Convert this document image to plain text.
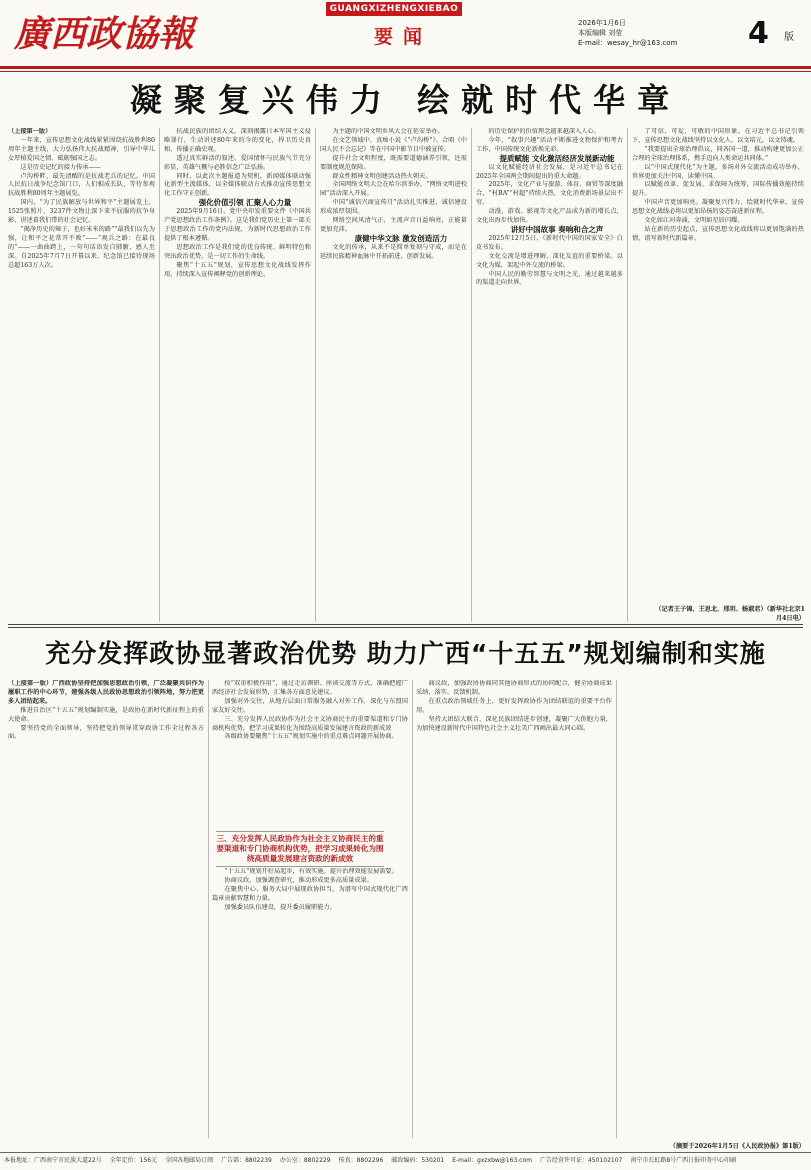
廣西政協報
GUANGXIZHENGXIEBAO
要闻
2026年1月6日
本版编辑 刘莹
E-mail：wesay_hr@163.com 4 版
凝聚复兴伟力 绘就时代华章

（上接第一版）

一年来，宣传思想文化战线紧紧围绕抗战胜利80周年主题主线，大力弘扬伟大抗战精神，引导中华儿女厚植爱国之情、砥砺强国之志。

这是历史记忆的接力传承——

卢沟桥畔，最先清醒的是抗战老兵的记忆。中国人民抗日战争纪念馆门口，人们相成长队，等待参观抗战胜利80周年主题展览。

国内，“为了民族解放与世界和平”主题展览上，1525张照片、3237件文物让深下来不屈服的抗争身影，讲述着我们带的社会记忆。

“揭净历史的辣子，也好米米的路”“最我们以先为强，让和平之花常开不败”——“观兵之路：在最良的”——一曲曲跨上，一句句话语发自肺腑，感人至深。自2025年7月7日开幕以来，纪念馆已接待现场总超163万人次。

抗战民族的团结大义，深刻揭露日本军国主义侵略罪行，生动讲述80年来的今的变化，捍卫历史真相，传播正确史观。

透过真实鲜活的叙述，爱国情怀与民族气节充分彰显，英雄气概与必胜信念广泛弘扬。

同时，以此次主题报道为契机，新闻媒体联动强化新型主流媒体，以全媒体联动方式推动宣传思想文化工作守正创新。

强化价值引领 汇聚人心力量

2025年9月16日，党中央印发重要文件《中国共产党思想政治工作条例》。这是我们党历史上第一部关于思想政治工作的党内法规，为新时代思想政治工作提供了根本遵循。

思想政治工作是我们党的优良传统、鲜明特色和突出政治优势，是一切工作的生命线。

聚焦“十五五”规划，宣传思想文化战线发挥作用，持续深入宣传阐释党的创新理论。

为主题的中国文明乡风大会在延安举办。

在文艺领域中，真痴小说《“卢沟桥”》、合唱《中国人民不会忘记》等在中国中影节目中被宣传。

提升社会文明程度，既需要道德涵养引领，还需要制度规范保障。

群众性精神文明创建活动热火朝天。

全国网络文明大会在哈尔滨举办，“网络文明进校园”活动深入开展。

中国“诚信兴商宣传月”活动扎实推进，诚信建设形成浓厚氛围。

网络空间风清气正，主流声音日益响亮，正能量更加充沛。

康健中华文脉 激发创造活力

文化的传承，从来不是简单复刻与守成，而是在延续民族精神血脉中开拓前进、创新发展。

的历史保护的价值理念越来越深入人心。

今年，“叙事兴趣”活动不断推进文物保护和考古工作，中国传统文化新焕光彩。

提质赋能 文化激活经济发展新动能

以文化赋能经济社会发展，是习近平总书记在2025年全国两会期间提出的重大命题。

2025年，文化产业与旅游、体育、商贸等深度融合，“村BA”“村超”持续火热，文化消费新场景层出不穷。

动漫、游戏、影视等文化产品成为新的增长点，文化出海步伐加快。

讲好中国故事 奏响和合之声

2025年12月5日，《新时代中国的国家安全》白皮书发布。

文化交流是增进理解、深化友谊的重要桥梁。以文化为媒，架起中外交流的桥梁。

中国人民的勤劳智慧与文明之光，通过越来越多的渠道走向世界。

了可信、可爱、可敬的中国形象。在习近平总书记引领下，宣传思想文化战线坚持以文化人、以文培元，以文铸魂。

“我要提出全球治理倡议，同各国一道，推动构建更加公正合理的全球治理体系，携手迈向人类命运共同体。”

以“中国式现代化”为主题，多场对外交流活动成功举办，世界更加关注中国、读懂中国。

以赋能改革、促发展、求保障为统筹，国际传播效能持续提升。

中国声音更加响亮。凝聚复兴伟力，绘就时代华章，宣传思想文化战线必将以更加昂扬的姿态奋进新征程。

文化如江河奔涌，文明如星辰闪耀。

站在新的历史起点，宣传思想文化战线将以更加饱满的热情，谱写新时代新篇章。

（记者王子锦、王思北、邢玥、杨淑君）（新华社北京1月4日电）
充分发挥政协显著政治优势 助力广西“十五五”规划编制和实施

（上接第一版）广西政协坚持把加强思想政治引领，广泛凝聚共识作为履职工作的中心环节，建强各级人民政协思想政治引领阵地，努力把更多人团结起来。

推进自治区“十五五”规划编制实施，是政协在新时代新征程上的重大使命。

要坚持党的全面领导，坚持把党的领导贯穿政协工作全过程各方面。

按“双重积极作用”，通过走访调研、座谈交流等方式，准确把握广西经济社会发展形势，汇集各方面意见建议。

加强对外交往，从地方层面日常服务融入对外工作，深化与东盟国家友好交往。

三、充分发挥人民政协作为社会主义协商民主的重要渠道和专门协商机构优势，把学习成果转化为围绕高质量发展建言资政的新成效

各级政协要聚焦“十五五”规划实施中的重点难点问题开展协商。

三、充分发挥人民政协作为社会主义协商民主的重要渠道和专门协商机构优势，把学习成果转化为围绕高质量发展建言资政的新成效

“十五五”规划开好局起步，有效实施。提升治理效能发展需要。

协商议政，加强调查研究，推动形成更多高质量成果。

在聚焦中心、服务大局中展现政协担当，为谱写中国式现代化广西篇章贡献智慧和力量。

加强委员队伍建设，提升委员履职能力。

商议政，加强政协协商同其他协商形式的协同配合，健全协商成果采纳、落实、反馈机制。

在重点政治领域任务上，更好发挥政协作为团结联谊的重要平台作用。

坚持大团结大联合，深化民族团结进步创建，凝聚广大侨胞力量，为加快建设新时代中国特色社会主义壮美广西画出最大同心圆。

（摘要于2026年1月5日《人民政协报》第1版）
本报地址：广西南宁市民族大道22号 全年定价：156元 全国各地邮局订阅 广告部：8802239 办公室：8802229 传真：8802296 邮政编码：530201 E-mail：gxzxbw@163.com 广告经营许可证：450102107 南宁市长虹路8号广西日报印务中心印刷
